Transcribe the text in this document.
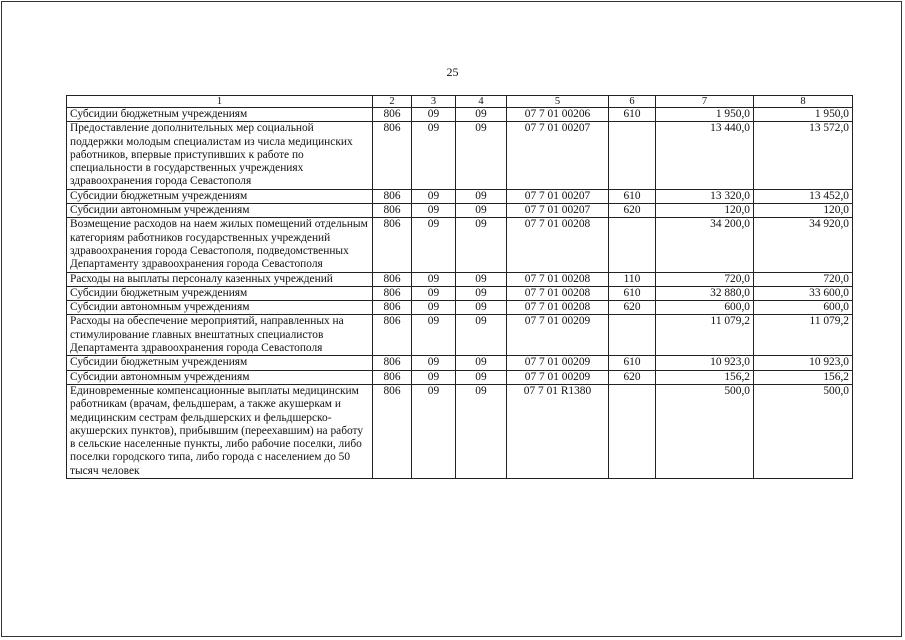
25
1	2	3	4	5	6	7	8
Субсидии бюджетным учреждениям	806	09	09	07 7 01 00206	610	1 950,0	1 950,0
Предоставление дополнительных мер социальной поддержки молодым специалистам из числа медицинских работников, впервые приступивших к работе по специальности в государственных учреждениях здравоохранения города Севастополя	806	09	09	07 7 01 00207		13 440,0	13 572,0
Субсидии бюджетным учреждениям	806	09	09	07 7 01 00207	610	13 320,0	13 452,0
Субсидии автономным учреждениям	806	09	09	07 7 01 00207	620	120,0	120,0
Возмещение расходов на наем жилых помещений отдельным категориям работников государственных учреждений здравоохранения города Севастополя, подведомственных Департаменту здравоохранения города Севастополя	806	09	09	07 7 01 00208		34 200,0	34 920,0
Расходы на выплаты персоналу казенных учреждений	806	09	09	07 7 01 00208	110	720,0	720,0
Субсидии бюджетным учреждениям	806	09	09	07 7 01 00208	610	32 880,0	33 600,0
Субсидии автономным учреждениям	806	09	09	07 7 01 00208	620	600,0	600,0
Расходы на обеспечение мероприятий, направленных на стимулирование главных внештатных специалистов Департамента здравоохранения города Севастополя	806	09	09	07 7 01 00209		11 079,2	11 079,2
Субсидии бюджетным учреждениям	806	09	09	07 7 01 00209	610	10 923,0	10 923,0
Субсидии автономным учреждениям	806	09	09	07 7 01 00209	620	156,2	156,2
Единовременные компенсационные выплаты медицинским работникам (врачам, фельдшерам, а также акушеркам и медицинским сестрам фельдшерских и фельдшерско-акушерских пунктов), прибывшим (переехавшим) на работу в сельские населенные пункты, либо рабочие поселки, либо поселки городского типа, либо города с населением до 50 тысяч человек	806	09	09	07 7 01 R1380		500,0	500,0
